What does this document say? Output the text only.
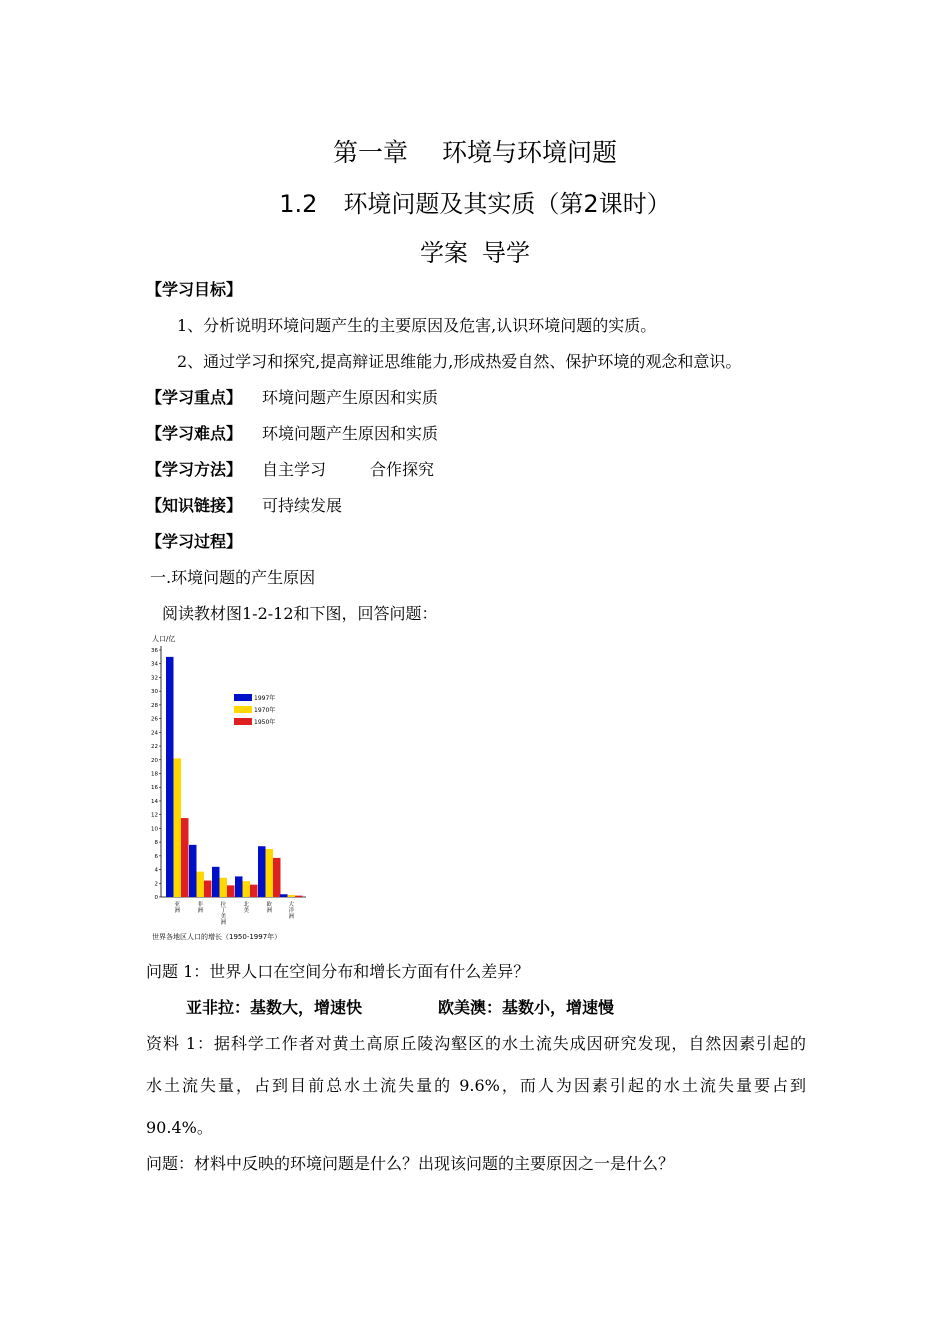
第一章 环境与环境问题
1.2 环境问题及其实质（第2课时）
学案 导学
【学习目标】
1、分析说明环境问题产生的主要原因及危害,认识环境问题的实质。
2、通过学习和探究,提高辩证思维能力,形成热爱自然、保护环境的观念和意识。
【学习重点】 环境问题产生原因和实质
【学习难点】 环境问题产生原因和实质
【学习方法】 自主学习	合作探究
【知识链接】 可持续发展
【学习过程】
一.环境问题的产生原因
阅读教材图1-2-12和下图，回答问题：
人口/亿
0
2
4
6
8
10
12
14
16
18
20
22
24
26
28
30
32
34
36
1997年
1970年
1950年
亚洲
非洲
拉丁美洲
北美
欧洲
大洋洲
世界各地区人口的增长（1950-1997年）
问题 1：世界人口在空间分布和增长方面有什么差异？
亚非拉：基数大，增速快	欧美澳：基数小，增速慢
资料 1：据科学工作者对黄土高原丘陵沟壑区的水土流失成因研究发现，自然因素引起的
水土流失量，占到目前总水土流失量的 9.6%，而人为因素引起的水土流失量要占到
90.4%。
问题：材料中反映的环境问题是什么？出现该问题的主要原因之一是什么？
